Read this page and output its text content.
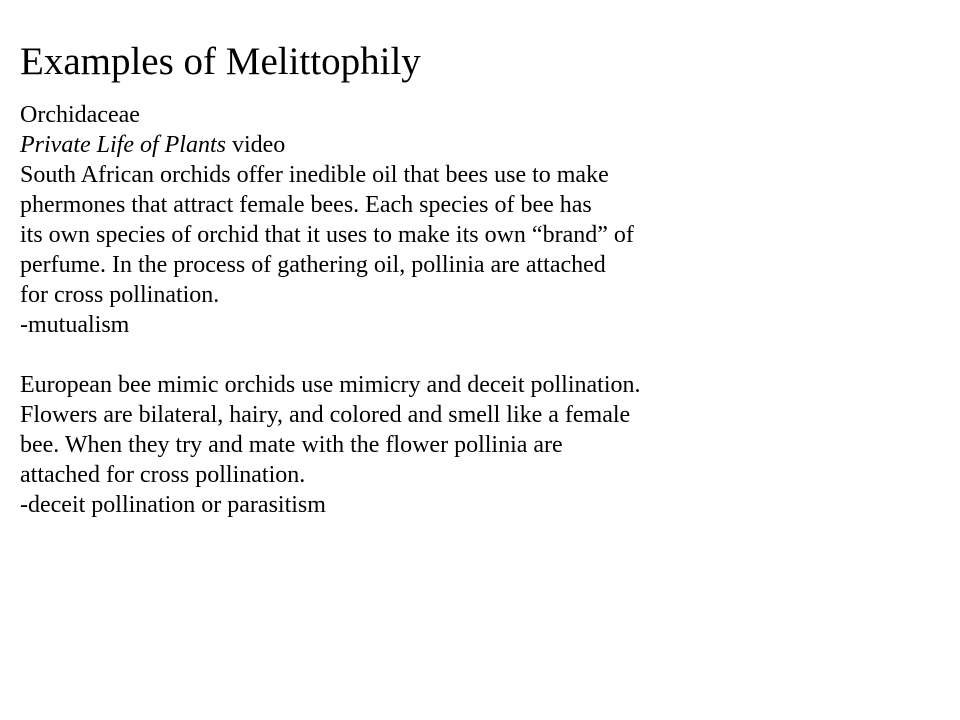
Examples of Melittophily
Orchidaceae
Private Life of Plants video
South African orchids offer inedible oil that bees use to make
phermones that attract female bees. Each species of bee has
its own species of orchid that it uses to make its own “brand” of
perfume. In the process of gathering oil, pollinia are attached
for cross pollination.
-mutualism
European bee mimic orchids use mimicry and deceit pollination.
Flowers are bilateral, hairy, and colored and smell like a female
bee. When they try and mate with the flower pollinia are
attached for cross pollination.
-deceit pollination or parasitism
